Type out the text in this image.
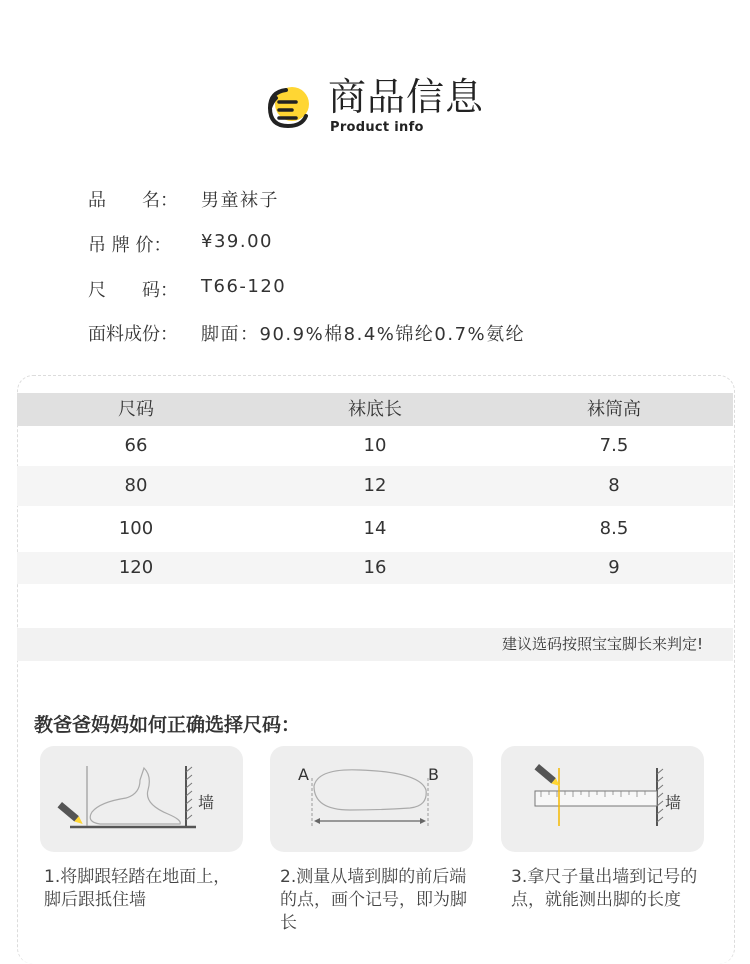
商品信息
Product info
品　　名：	男童袜子
吊 牌 价：	¥39.00
尺　　码：	T66-120
面料成份：	脚面：90.9%棉8.4%锦纶0.7%氨纶
尺码	袜底长	袜筒高
66	10	7.5
80	12	8
100	14	8.5
120	16	9
建议选码按照宝宝脚长来判定!
教爸爸妈妈如何正确选择尺码：
墙
1.将脚跟轻踏在地面上，脚后跟抵住墙
A	B
2.测量从墙到脚的前后端的点，画个记号，即为脚长
墙
3.拿尺子量出墙到记号的点，就能测出脚的长度
